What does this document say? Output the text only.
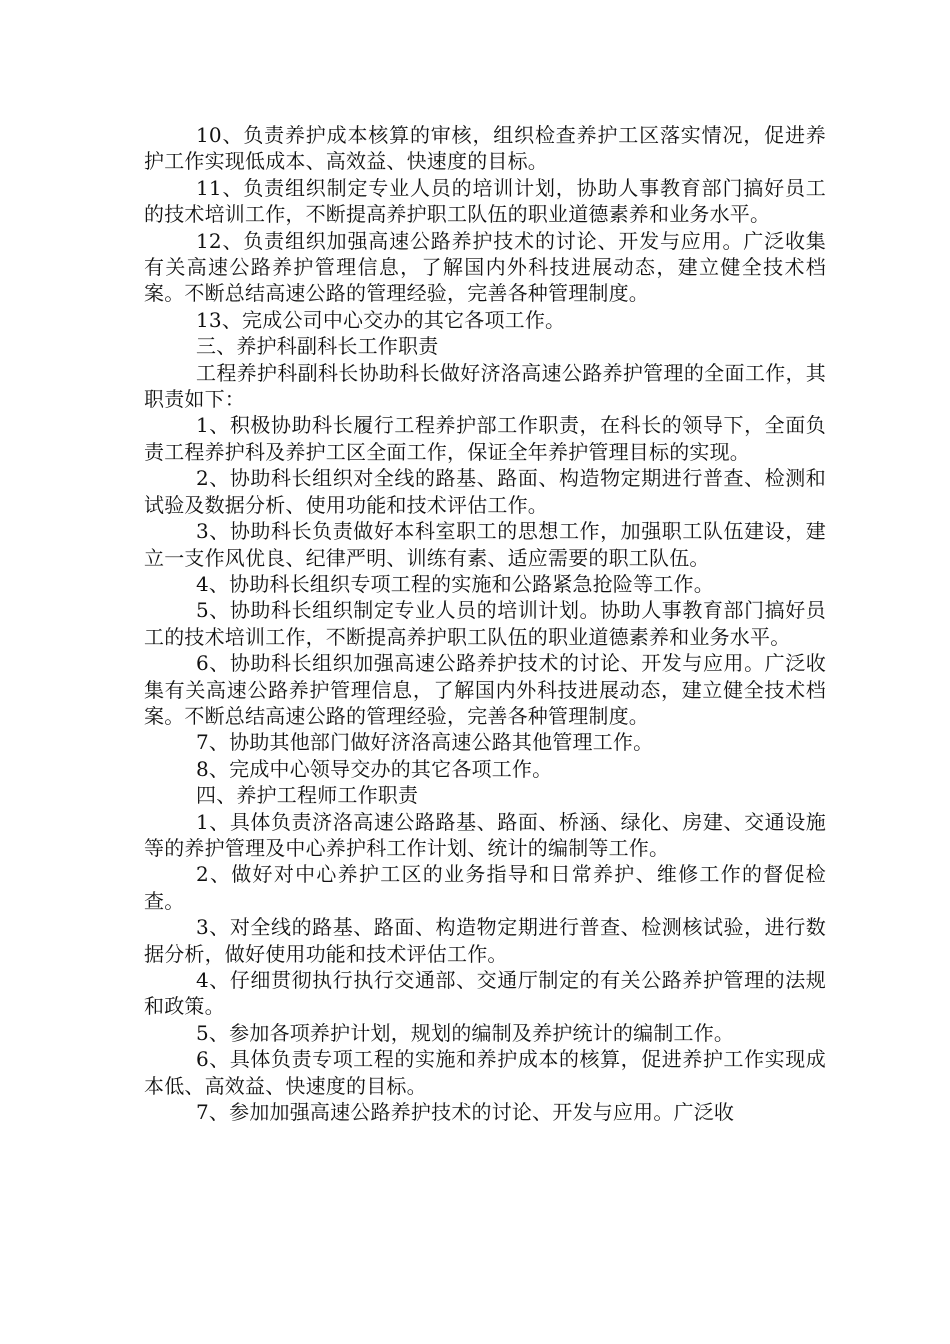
10、负责养护成本核算的审核，组织检查养护工区落实情况，促进养护工作实现低成本、高效益、快速度的目标。

11、负责组织制定专业人员的培训计划，协助人事教育部门搞好员工的技术培训工作，不断提高养护职工队伍的职业道德素养和业务水平。

12、负责组织加强高速公路养护技术的讨论、开发与应用。广泛收集有关高速公路养护管理信息，了解国内外科技进展动态，建立健全技术档案。不断总结高速公路的管理经验，完善各种管理制度。

13、完成公司中心交办的其它各项工作。

三、养护科副科长工作职责

工程养护科副科长协助科长做好济洛高速公路养护管理的全面工作，其职责如下：

1、积极协助科长履行工程养护部工作职责，在科长的领导下，全面负责工程养护科及养护工区全面工作，保证全年养护管理目标的实现。

2、协助科长组织对全线的路基、路面、构造物定期进行普查、检测和试验及数据分析、使用功能和技术评估工作。

3、协助科长负责做好本科室职工的思想工作，加强职工队伍建设，建立一支作风优良、纪律严明、训练有素、适应需要的职工队伍。

4、协助科长组织专项工程的实施和公路紧急抢险等工作。

5、协助科长组织制定专业人员的培训计划。协助人事教育部门搞好员工的技术培训工作，不断提高养护职工队伍的职业道德素养和业务水平。

6、协助科长组织加强高速公路养护技术的讨论、开发与应用。广泛收集有关高速公路养护管理信息，了解国内外科技进展动态，建立健全技术档案。不断总结高速公路的管理经验，完善各种管理制度。

7、协助其他部门做好济洛高速公路其他管理工作。

8、完成中心领导交办的其它各项工作。

四、养护工程师工作职责

1、具体负责济洛高速公路路基、路面、桥涵、绿化、房建、交通设施等的养护管理及中心养护科工作计划、统计的编制等工作。

2、做好对中心养护工区的业务指导和日常养护、维修工作的督促检查。

3、对全线的路基、路面、构造物定期进行普查、检测核试验，进行数据分析，做好使用功能和技术评估工作。

4、仔细贯彻执行执行交通部、交通厅制定的有关公路养护管理的法规和政策。

5、参加各项养护计划，规划的编制及养护统计的编制工作。

6、具体负责专项工程的实施和养护成本的核算，促进养护工作实现成本低、高效益、快速度的目标。

7、参加加强高速公路养护技术的讨论、开发与应用。广泛收
